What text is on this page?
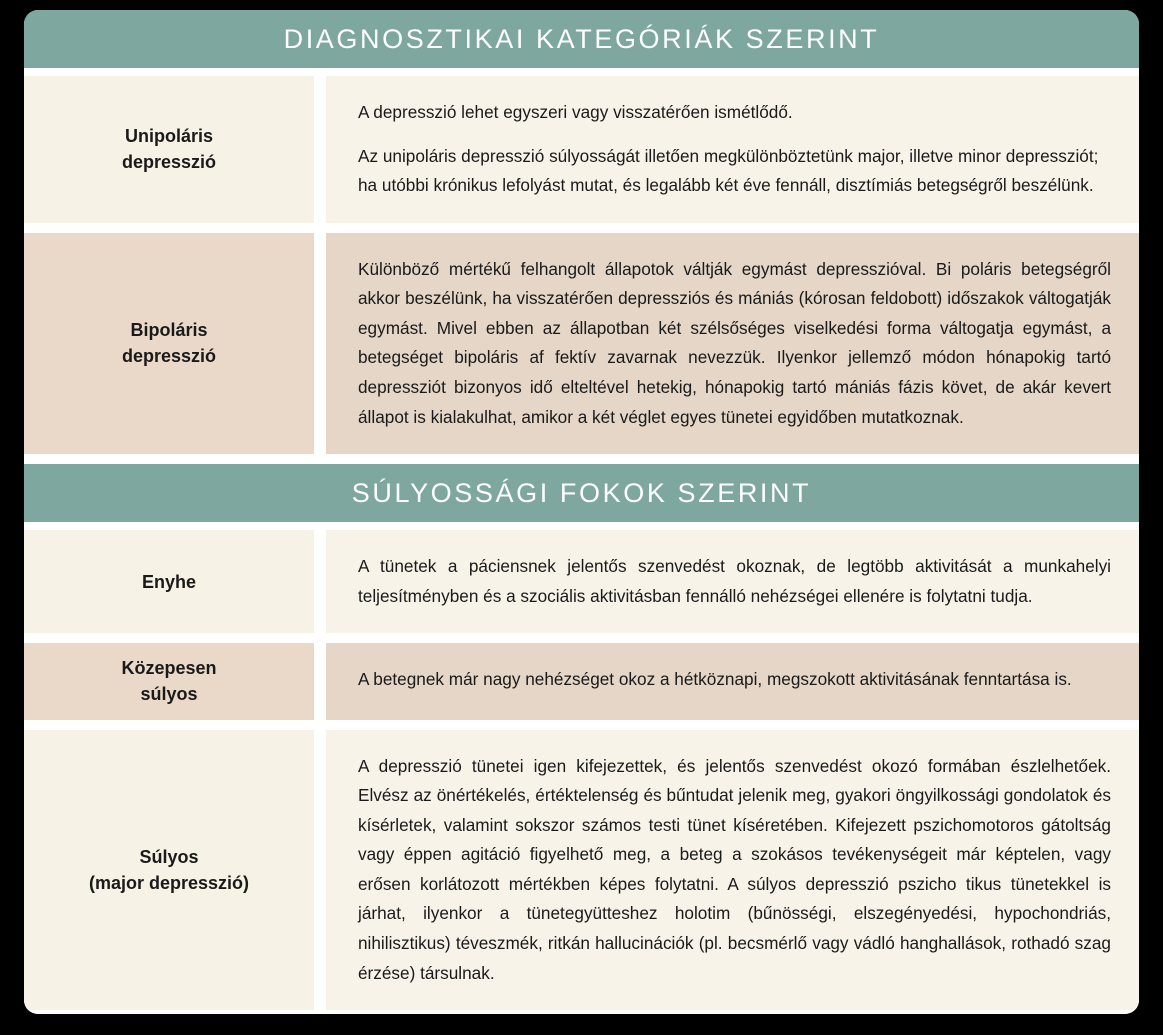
DIAGNOSZTIKAI KATEGÓRIÁK SZERINT
Unipoláris
depresszió

A depresszió lehet egyszeri vagy visszatérően ismétlődő.

Az unipoláris depresszió súlyosságát illetően megkülönböztetünk major, illetve minor depressziót; ha utóbbi krónikus lefolyást mutat, és legalább két éve fennáll, disztímiás betegségről beszélünk.

Bipoláris
depresszió

Különböző mértékű felhangolt állapotok váltják egymást depresszióval. Bi poláris betegségről akkor beszélünk, ha visszatérően depressziós és mániás (kórosan feldobott) időszakok váltogatják egymást. Mivel ebben az állapotban két szélsőséges viselkedési forma váltogatja egymást, a betegséget bipoláris af fektív zavarnak nevezzük. Ilyenkor jellemző módon hónapokig tartó depressziót bizonyos idő elteltével hetekig, hónapokig tartó mániás fázis követ, de akár kevert állapot is kialakulhat, amikor a két véglet egyes tünetei egyidőben mutatkoznak.

SÚLYOSSÁGI FOKOK SZERINT
Enyhe

A tünetek a páciensnek jelentős szenvedést okoznak, de legtöbb aktivitását a munkahelyi teljesítményben és a szociális aktivitásban fennálló nehézségei ellenére is folytatni tudja.

Közepesen
súlyos

A betegnek már nagy nehézséget okoz a hétköznapi, megszokott aktivitásának fenntartása is.

Súlyos
(major depresszió)

A depresszió tünetei igen kifejezettek, és jelentős szenvedést okozó formában észlelhetőek. Elvész az önértékelés, értéktelenség és bűntudat jelenik meg, gyakori öngyilkossági gondolatok és kísérletek, valamint sokszor számos testi tünet kíséretében. Kifejezett pszichomotoros gátoltság vagy éppen agitáció figyelhető meg, a beteg a szokásos tevékenységeit már képtelen, vagy erősen korlátozott mértékben képes folytatni. A súlyos depresszió pszicho tikus tünetekkel is járhat, ilyenkor a tünetegyütteshez holotim (bűnösségi, elszegényedési, hypochondriás, nihilisztikus) téveszmék, ritkán hallucinációk (pl. becsmérlő vagy vádló hanghallások, rothadó szag érzése) társulnak.
